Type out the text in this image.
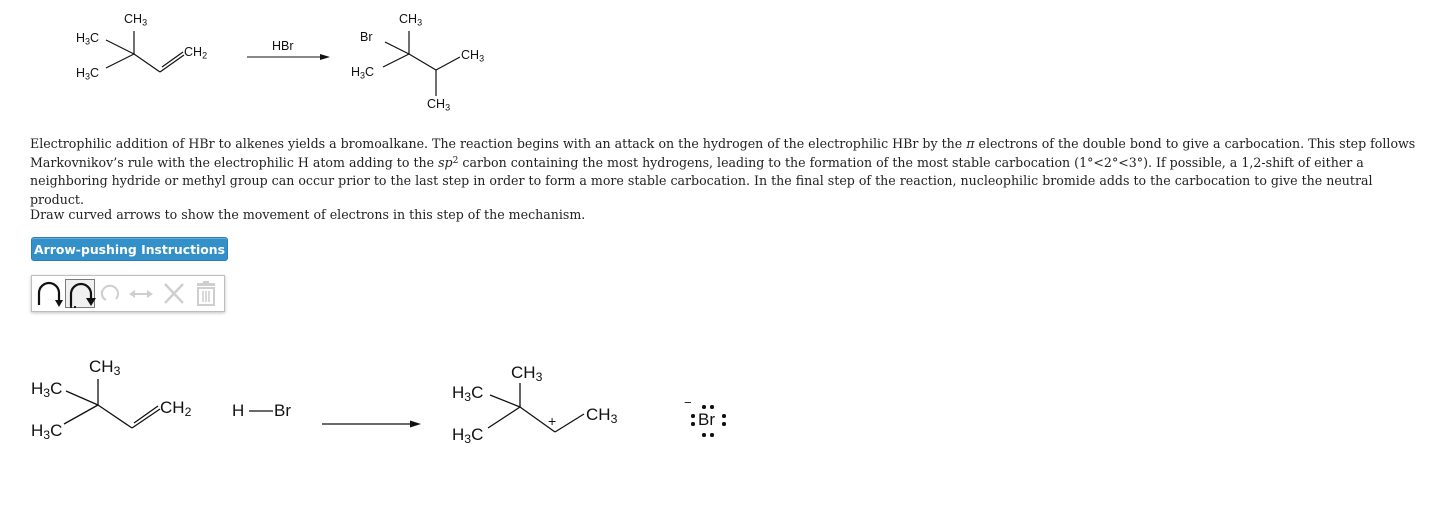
$CH_3$
$H_3C$
$H_3C$
$CH_2$
HBr
$CH_3$
Br
$H_3C$
$CH_3$
$CH_3$
Electrophilic addition of HBr to alkenes yields a bromoalkane. The reaction begins with an attack on the hydrogen of the electrophilic HBr by the π electrons of the double bond to give a carbocation. This step follows Markovnikov’s rule with the electrophilic H atom adding to the $sp^2$ carbon containing the most hydrogens, leading to the formation of the most stable carbocation (1°<2°<3°). If possible, a 1,2-shift of either a neighboring hydride or methyl group can occur prior to the last step in order to form a more stable carbocation. In the final step of the reaction, nucleophilic bromide adds to the carbocation to give the neutral product.
Draw curved arrows to show the movement of electrons in this step of the mechanism.
Arrow-pushing Instructions
$CH_3$
$H_3C$
$H_3C$
$CH_2$ H Br
$CH_3$
$H_3C$
$H_3C$
$CH_3$
+
−
Br
